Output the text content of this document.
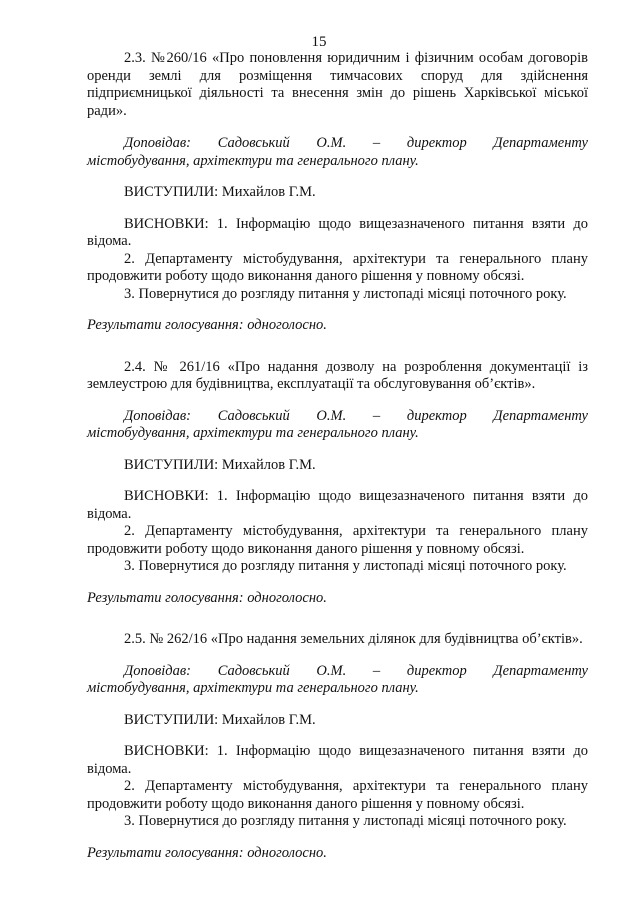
15

2.3. №260/16 «Про поновлення юридичним і фізичним особам договорів оренди землі для розміщення тимчасових споруд для здійснення підприємницької діяльності та внесення змін до рішень Харківської міської ради».

Доповідав: Садовський О.М. – директор Департаменту

містобудування, архітектури та генерального плану.

ВИСТУПИЛИ: Михайлов Г.М.

ВИСНОВКИ: 1. Інформацію щодо вищезазначеного питання взяти до відома.

2. Департаменту містобудування, архітектури та генерального плану продовжити роботу щодо виконання даного рішення у повному обсязі.

3. Повернутися до розгляду питання у листопаді місяці поточного року.

Результати голосування: одноголосно.

2.4. № 261/16 «Про надання дозволу на розроблення документації із землеустрою для будівництва, експлуатації та обслуговування об’єктів».

Доповідав: Садовський О.М. – директор Департаменту

містобудування, архітектури та генерального плану.

ВИСТУПИЛИ: Михайлов Г.М.

ВИСНОВКИ: 1. Інформацію щодо вищезазначеного питання взяти до відома.

2. Департаменту містобудування, архітектури та генерального плану продовжити роботу щодо виконання даного рішення у повному обсязі.

3. Повернутися до розгляду питання у листопаді місяці поточного року.

Результати голосування: одноголосно.

2.5. № 262/16 «Про надання земельних ділянок для будівництва об’єктів».

Доповідав: Садовський О.М. – директор Департаменту

містобудування, архітектури та генерального плану.

ВИСТУПИЛИ: Михайлов Г.М.

ВИСНОВКИ: 1. Інформацію щодо вищезазначеного питання взяти до відома.

2. Департаменту містобудування, архітектури та генерального плану продовжити роботу щодо виконання даного рішення у повному обсязі.

3. Повернутися до розгляду питання у листопаді місяці поточного року.

Результати голосування: одноголосно.
